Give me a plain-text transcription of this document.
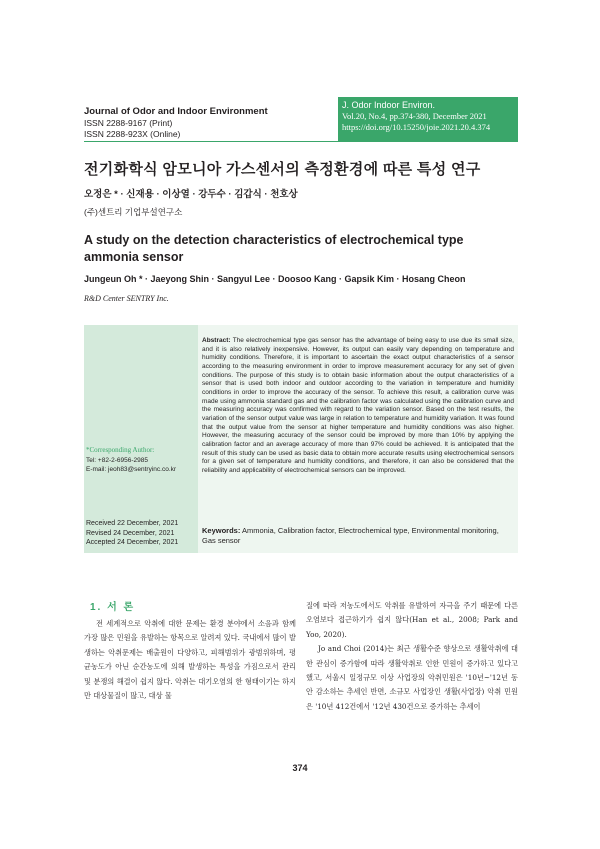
Journal of Odor and Indoor Environment
ISSN 2288-9167 (Print)
ISSN 2288-923X (Online)
J. Odor Indoor Environ.
Vol.20, No.4, pp.374-380, December 2021
https://doi.org/10.15250/joie.2021.20.4.374
전기화학식 암모니아 가스센서의 측정환경에 따른 특성 연구
오정은 * · 신재용 · 이상열 · 강두수 · 김갑식 · 천호상
(주)센트리 기업부설연구소
A study on the detection characteristics of electrochemical type ammonia sensor
Jungeun Oh * · Jaeyong Shin · Sangyul Lee · Doosoo Kang · Gapsik Kim · Hosang Cheon
R&D Center SENTRY Inc.
*Corresponding Author:
Tel: +82-2-6956-2985
E-mail: jeoh83@sentryinc.co.kr
Received 22 December, 2021
Revised 24 December, 2021
Accepted 24 December, 2021
Abstract: The electrochemical type gas sensor has the advantage of being easy to use due its small size, and it is also relatively inexpensive. However, its output can easily vary depending on temperature and humidity conditions. Therefore, it is important to ascertain the exact output characteristics of a sensor according to the measuring environment in order to improve measurement accuracy for any set of given conditions. The purpose of this study is to obtain basic information about the output characteristics of a sensor that is used both indoor and outdoor according to the variation in temperature and humidity conditions in order to improve the accuracy of the sensor. To achieve this result, a calibration curve was made using ammonia standard gas and the calibration factor was calculated using the calibration curve and the measuring accuracy was confirmed with regard to the variation sensor. Based on the test results, the variation of the sensor output value was large in relation to temperature and humidity variation. It was found that the output value from the sensor at higher temperature and humidity conditions was also higher. However, the measuring accuracy of the sensor could be improved by more than 10% by applying the calibration factor and an average accuracy of more than 97% could be achieved. It is anticipated that the result of this study can be used as basic data to obtain more accurate results using electrochemical sensors for a given set of temperature and humidity conditions, and therefore, it can also be considered that the reliability and applicability of electrochemical sensors can be improved.
Keywords: Ammonia, Calibration factor, Electrochemical type, Environmental monitoring, Gas sensor
1. 서 론

전 세계적으로 악취에 대한 문제는 환경 분야에서 소음과 함께 가장 많은 민원을 유발하는 항목으로 알려져 있다. 국내에서 많이 발생하는 악취문제는 배출원이 다양하고, 피해범위가 광범위하며, 평균농도가 아닌 순간농도에 의해 발생하는 특성을 가짐으로서 관리 및 분쟁의 해결이 쉽지 않다. 악취는 대기오염의 한 형태이기는 하지만 대상물질이 많고, 대상 물

질에 따라 저농도에서도 악취를 유발하여 자극을 주기 때문에 다른 오염보다 접근하기가 쉽지 않다(Han et al., 2008; Park and Yoo, 2020).

Jo and Choi (2014)는 최근 생활수준 향상으로 생활악취에 대한 관심이 증가함에 따라 생활악취로 인한 민원이 증가하고 있다고 했고, 서울시 일정규모 이상 사업장의 악취민원은 '10년~'12년 동안 감소하는 추세인 반면, 소규모 사업장인 생활(사업장) 악취 민원은 '10년 412건에서 '12년 430건으로 증가하는 추세이

374
